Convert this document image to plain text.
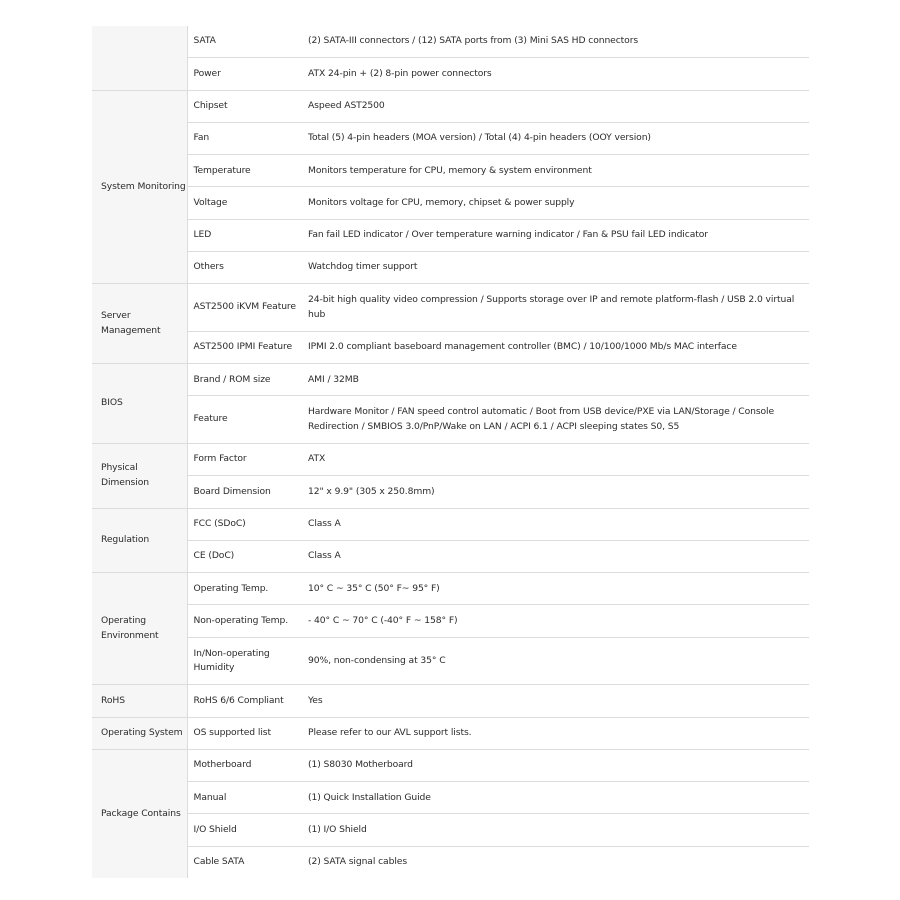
	SATA	(2) SATA-III connectors / (12) SATA ports from (3) Mini SAS HD connectors
	Power	ATX 24-pin + (2) 8-pin power connectors
System Monitoring	Chipset	Aspeed AST2500
	Fan	Total (5) 4-pin headers (MOA version) / Total (4) 4-pin headers (OOY version)
	Temperature	Monitors temperature for CPU, memory & system environment
	Voltage	Monitors voltage for CPU, memory, chipset & power supply
	LED	Fan fail LED indicator / Over temperature warning indicator / Fan & PSU fail LED indicator
	Others	Watchdog timer support
Server Management	AST2500 iKVM Feature	24-bit high quality video compression / Supports storage over IP and remote platform-flash / USB 2.0 virtual hub
	AST2500 IPMI Feature	IPMI 2.0 compliant baseboard management controller (BMC) / 10/100/1000 Mb/s MAC interface
BIOS	Brand / ROM size	AMI / 32MB
	Feature	Hardware Monitor / FAN speed control automatic / Boot from USB device/PXE via LAN/Storage / Console Redirection / SMBIOS 3.0/PnP/Wake on LAN / ACPI 6.1 / ACPI sleeping states S0, S5
Physical Dimension	Form Factor	ATX
	Board Dimension	12" x 9.9" (305 x 250.8mm)
Regulation	FCC (SDoC)	Class A
	CE (DoC)	Class A
Operating Environment	Operating Temp.	10° C ~ 35° C (50° F~ 95° F)
	Non-operating Temp.	- 40° C ~ 70° C (-40° F ~ 158° F)
	In/Non-operating Humidity	90%, non-condensing at 35° C
RoHS	RoHS 6/6 Compliant	Yes
Operating System	OS supported list	Please refer to our AVL support lists.
Package Contains	Motherboard	(1) S8030 Motherboard
	Manual	(1) Quick Installation Guide
	I/O Shield	(1) I/O Shield
	Cable SATA	(2) SATA signal cables
